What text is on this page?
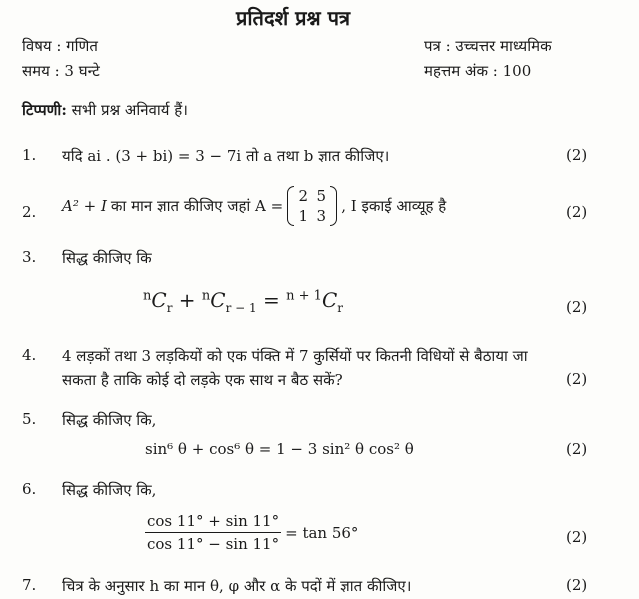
प्रतिदर्श प्रश्न पत्र
विषय : गणित	पत्र : उच्चत्तर माध्यमिक
समय : 3 घन्टे	महत्तम अंक : 100
टिप्पणी: सभी प्रश्न अनिवार्य हैं।
1. यदि ai . (3 + bi) = 3 − 7i तो a तथा b ज्ञात कीजिए।	(2)
2. A² + I का मान ज्ञात कीजिए जहां A =
2 5
1 3
, I इकाई आव्यूह है	(2)
3. सिद्ध कीजिए कि
$^nC_r + ^nC_{r - 1} = ^{n + 1}C_r$	(2)
4. 4 लड़कों तथा 3 लड़कियों को एक पंक्ति में 7 कुर्सियों पर कितनी विधियों से बैठाया जा
सकता है ताकि कोई दो लड़के एक साथ न बैठ सकें?	(2)
5. सिद्ध कीजिए कि,
sin⁶ θ + cos⁶ θ = 1 − 3 sin² θ cos² θ	(2)
6. सिद्ध कीजिए कि,
$\frac{\cos 11^\circ + \sin 11^\circ}{\cos 11^\circ - \sin 11^\circ} = \tan 56^\circ$	(2)
7. चित्र के अनुसार h का मान θ, φ और α के पदों में ज्ञात कीजिए।	(2)
